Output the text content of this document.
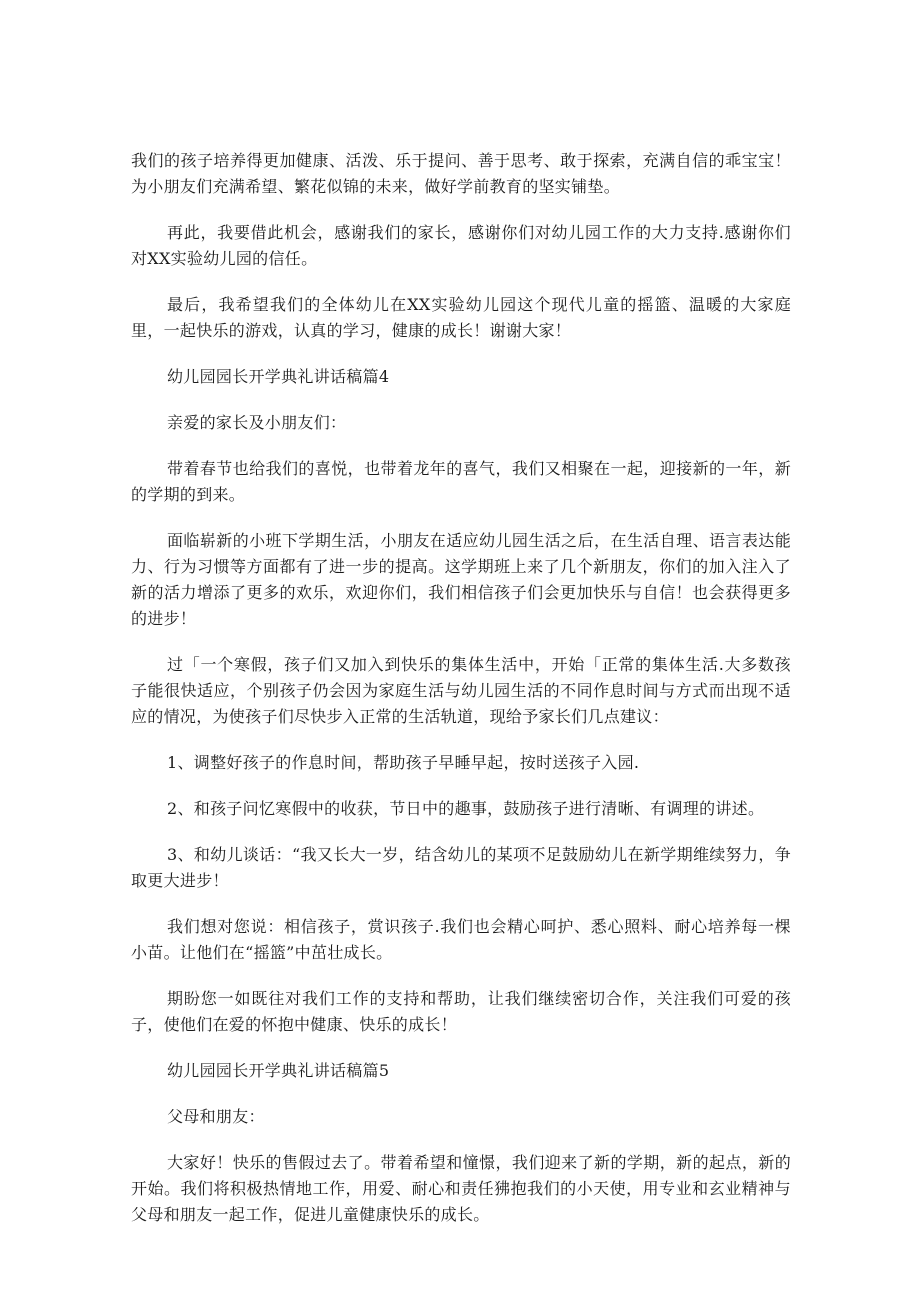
我们的孩子培养得更加健康、活泼、乐于提问、善于思考、敢于探索，充满自信的乖宝宝！为小朋友们充满希望、繁花似锦的未来，做好学前教育的坚实铺垫。

再此，我要借此机会，感谢我们的家长，感谢你们对幼儿园工作的大力支持.感谢你们对XX实验幼儿园的信任。

最后，我希望我们的全体幼儿在XX实验幼儿园这个现代儿童的摇篮、温暖的大家庭里，一起快乐的游戏，认真的学习，健康的成长！谢谢大家！

幼儿园园长开学典礼讲话稿篇4

亲爱的家长及小朋友们：

带着春节也给我们的喜悦，也带着龙年的喜气，我们又相聚在一起，迎接新的一年，新的学期的到来。

面临崭新的小班下学期生活，小朋友在适应幼儿园生活之后，在生活自理、语言表达能力、行为习惯等方面都有了进一步的提高。这学期班上来了几个新朋友，你们的加入注入了新的活力增添了更多的欢乐，欢迎你们，我们相信孩子们会更加快乐与自信！也会获得更多的进步！

过「一个寒假，孩子们又加入到快乐的集体生活中，开始「正常的集体生活.大多数孩子能很快适应，个别孩子仍会因为家庭生活与幼儿园生活的不同作息时间与方式而出现不适应的情况，为使孩子们尽快步入正常的生活轨道，现给予家长们几点建议：

1、调整好孩子的作息时间，帮助孩子早睡早起，按时送孩子入园.

2、和孩子问忆寒假中的收获，节日中的趣事，鼓励孩子进行清晰、有调理的讲述。

3、和幼儿谈话：“我又长大一岁，结含幼儿的某项不足鼓励幼儿在新学期维续努力，争取更大进步！

我们想对您说：相信孩子，赏识孩子.我们也会精心呵护、悉心照料、耐心培养每一棵小苗。让他们在“摇篮”中茁壮成长。

期盼您一如既往对我们工作的支持和帮助，让我们继续密切合作，关注我们可爱的孩子，使他们在爱的怀抱中健康、快乐的成长！

幼儿园园长开学典礼讲话稿篇5

父母和朋友：

大家好！快乐的售假过去了。带着希望和憧憬，我们迎来了新的学期，新的起点，新的开始。我们将积极热情地工作，用爱、耐心和责任狒抱我们的小天使，用专业和玄业精神与父母和朋友一起工作，促进儿童健康快乐的成长。
